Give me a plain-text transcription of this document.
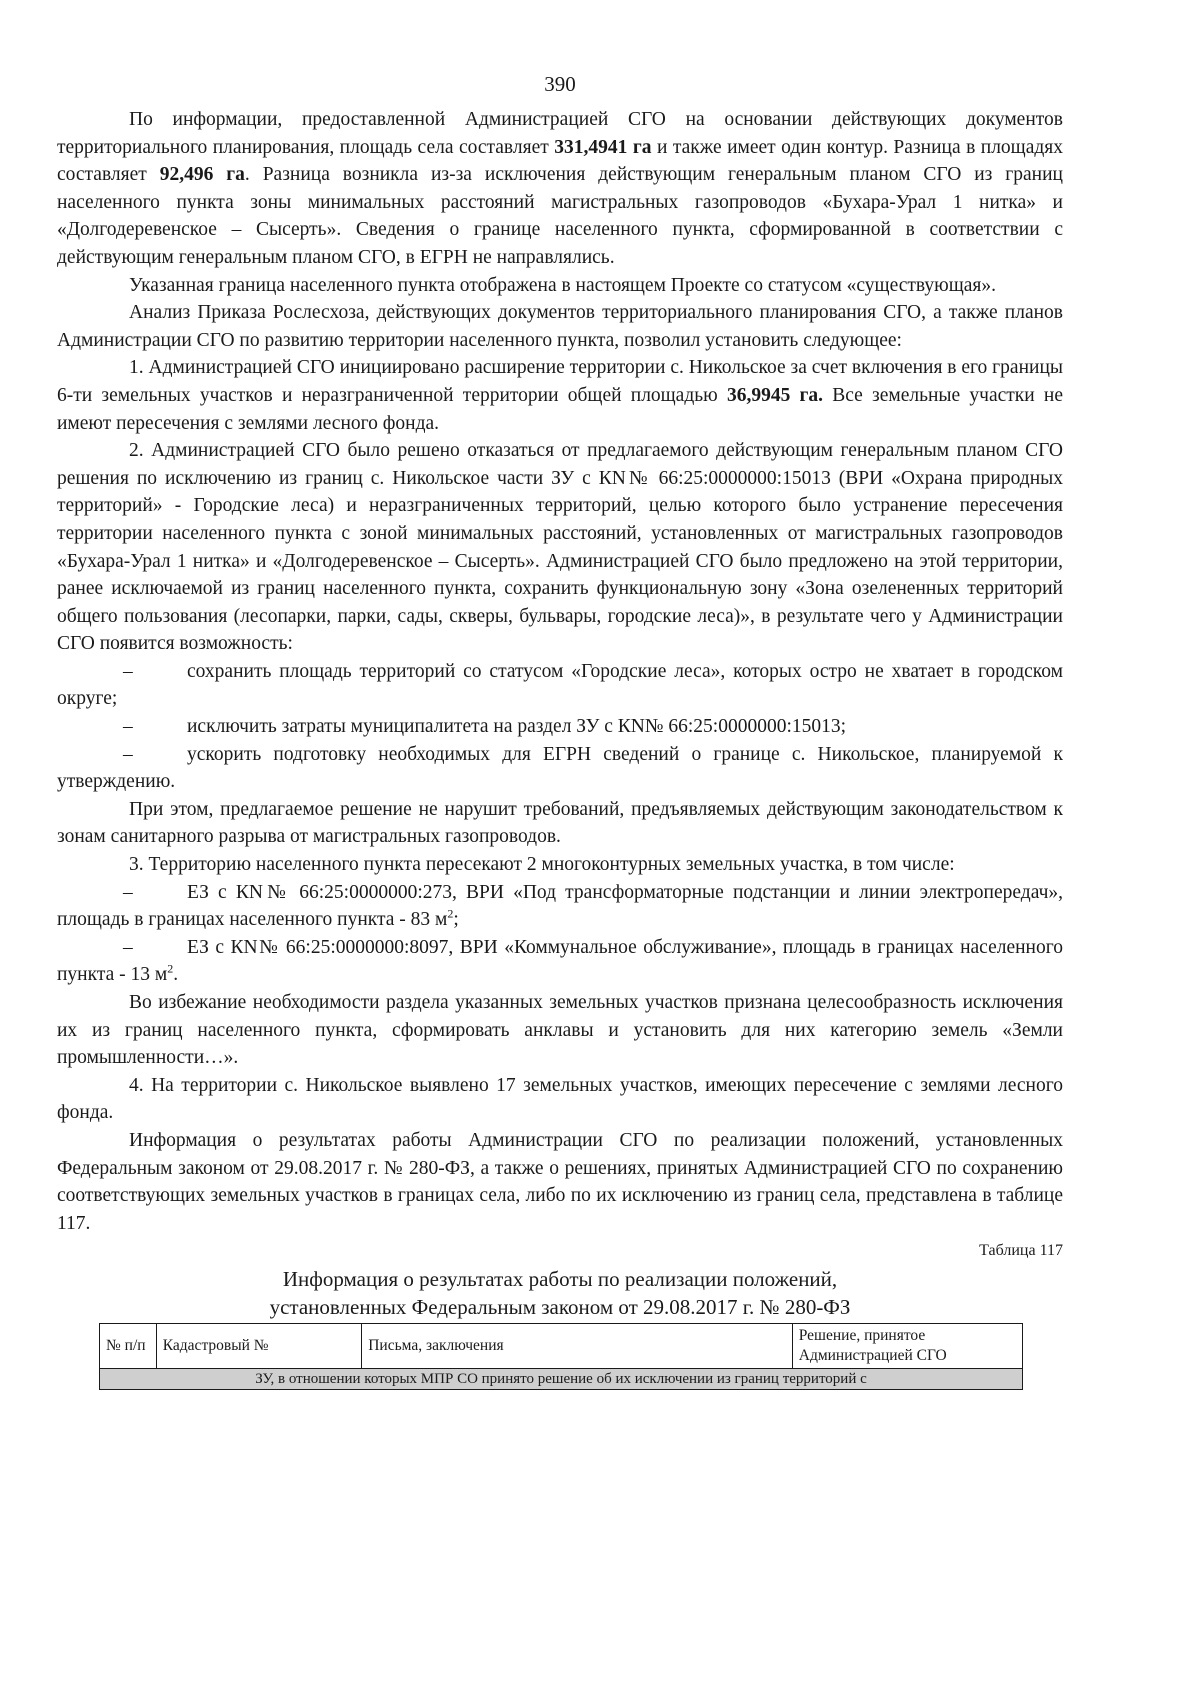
390

По информации, предоставленной Администрацией СГО на основании действующих документов территориального планирования, площадь села составляет 331,4941 га и также имеет один контур. Разница в площадях составляет 92,496 га. Разница возникла из-за исключения действующим генеральным планом СГО из границ населенного пункта зоны минимальных расстояний магистральных газопроводов «Бухара-Урал 1 нитка» и «Долгодеревенское – Сысерть». Сведения о границе населенного пункта, сформированной в соответствии с действующим генеральным планом СГО, в ЕГРН не направлялись.

Указанная граница населенного пункта отображена в настоящем Проекте со статусом «существующая».

Анализ Приказа Рослесхоза, действующих документов территориального планирования СГО, а также планов Администрации СГО по развитию территории населенного пункта, позволил установить следующее:

1. Администрацией СГО инициировано расширение территории с. Никольское за счет включения в его границы 6-ти земельных участков и неразграниченной территории общей площадью 36,9945 га. Все земельные участки не имеют пересечения с землями лесного фонда.

2. Администрацией СГО было решено отказаться от предлагаемого действующим генеральным планом СГО решения по исключению из границ с. Никольское части ЗУ с КN№ 66:25:0000000:15013 (ВРИ «Охрана природных территорий» - Городские леса) и неразграниченных территорий, целью которого было устранение пересечения территории населенного пункта с зоной минимальных расстояний, установленных от магистральных газопроводов «Бухара-Урал 1 нитка» и «Долгодеревенское – Сысерть». Администрацией СГО было предложено на этой территории, ранее исключаемой из границ населенного пункта, сохранить функциональную зону «Зона озелененных территорий общего пользования (лесопарки, парки, сады, скверы, бульвары, городские леса)», в результате чего у Администрации СГО появится возможность:

–	сохранить площадь территорий со статусом «Городские леса», которых остро не хватает в городском округе;

–	исключить затраты муниципалитета на раздел ЗУ с КN№ 66:25:0000000:15013;

–	ускорить подготовку необходимых для ЕГРН сведений о границе с. Никольское, планируемой к утверждению.

При этом, предлагаемое решение не нарушит требований, предъявляемых действующим законодательством к зонам санитарного разрыва от магистральных газопроводов.

3. Территорию населенного пункта пересекают 2 многоконтурных земельных участка, в том числе:

–	ЕЗ с КN№ 66:25:0000000:273, ВРИ «Под трансформаторные подстанции и линии электропередач», площадь в границах населенного пункта - 83 $м^2$;

–	ЕЗ с КN№ 66:25:0000000:8097, ВРИ «Коммунальное обслуживание», площадь в границах населенного пункта - 13 $м^2$.

Во избежание необходимости раздела указанных земельных участков признана целесообразность исключения их из границ населенного пункта, сформировать анклавы и установить для них категорию земель «Земли промышленности…».

4. На территории с. Никольское выявлено 17 земельных участков, имеющих пересечение с землями лесного фонда.

Информация о результатах работы Администрации СГО по реализации положений, установленных Федеральным законом от 29.08.2017 г. № 280-ФЗ, а также о решениях, принятых Администрацией СГО по сохранению соответствующих земельных участков в границах села, либо по их исключению из границ села, представлена в таблице 117.

Таблица 117
Информация о результатах работы по реализации положений,
установленных Федеральным законом от 29.08.2017 г. № 280-ФЗ
№ п/п	Кадастровый №	Письма, заключения	Решение, принятое Администрацией СГО
ЗУ, в отношении которых МПР СО принято решение об их исключении из границ территорий с
